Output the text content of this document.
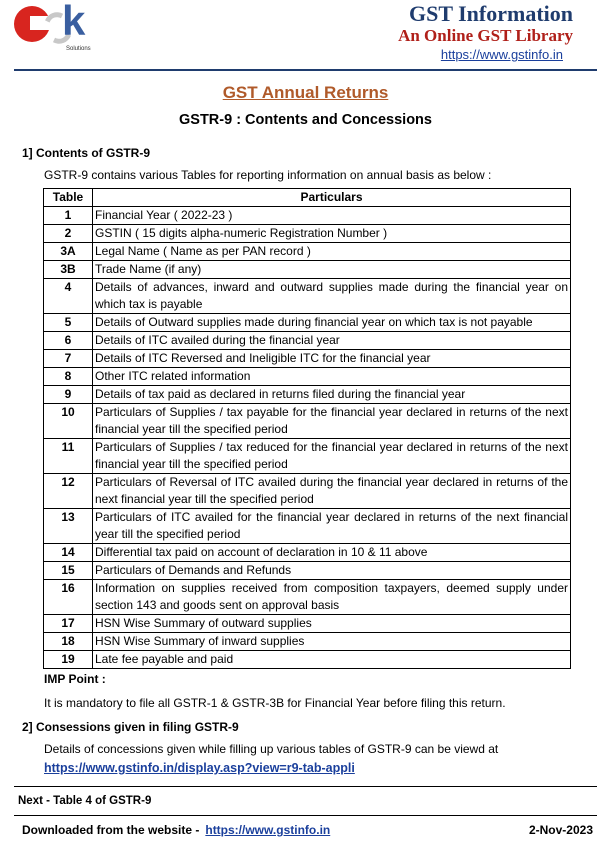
k
Solutions
GST Information
An Online GST Library
https://www.gstinfo.in
GST Annual Returns
GSTR-9 : Contents and Concessions
1] Contents of GSTR-9
GSTR-9 contains various Tables for reporting information on annual basis as below :
Table	Particulars
1	Financial Year ( 2022-23 )
2	GSTIN ( 15 digits alpha-numeric Registration Number )
3A	Legal Name ( Name as per PAN record )
3B	Trade Name (if any)
4	Details of advances, inward and outward supplies made during the financial year on which tax is payable
5	Details of Outward supplies made during financial year on which tax is not payable
6	Details of ITC availed during the financial year
7	Details of ITC Reversed and Ineligible ITC for the financial year
8	Other ITC related information
9	Details of tax paid as declared in returns filed during the financial year
10	Particulars of Supplies / tax payable for the financial year declared in returns of the next financial year till the specified period
11	Particulars of Supplies / tax reduced for the financial year declared in returns of the next financial year till the specified period
12	Particulars of Reversal of ITC availed during the financial year declared in returns of the next financial year till the specified period
13	Particulars of ITC availed for the financial year declared in returns of the next financial year till the specified period
14	Differential tax paid on account of declaration in 10 & 11 above
15	Particulars of Demands and Refunds
16	Information on supplies received from composition taxpayers, deemed supply under section 143 and goods sent on approval basis
17	HSN Wise Summary of outward supplies
18	HSN Wise Summary of inward supplies
19	Late fee payable and paid
IMP Point :
It is mandatory to file all GSTR-1 & GSTR-3B for Financial Year before filing this return.
2] Consessions given in filing GSTR-9
Details of concessions given while filling up various tables of GSTR-9 can be viewd at
https://www.gstinfo.in/display.asp?view=r9-tab-appli
Next - Table 4 of GSTR-9
Downloaded from the website - https://www.gstinfo.in	2-Nov-2023
